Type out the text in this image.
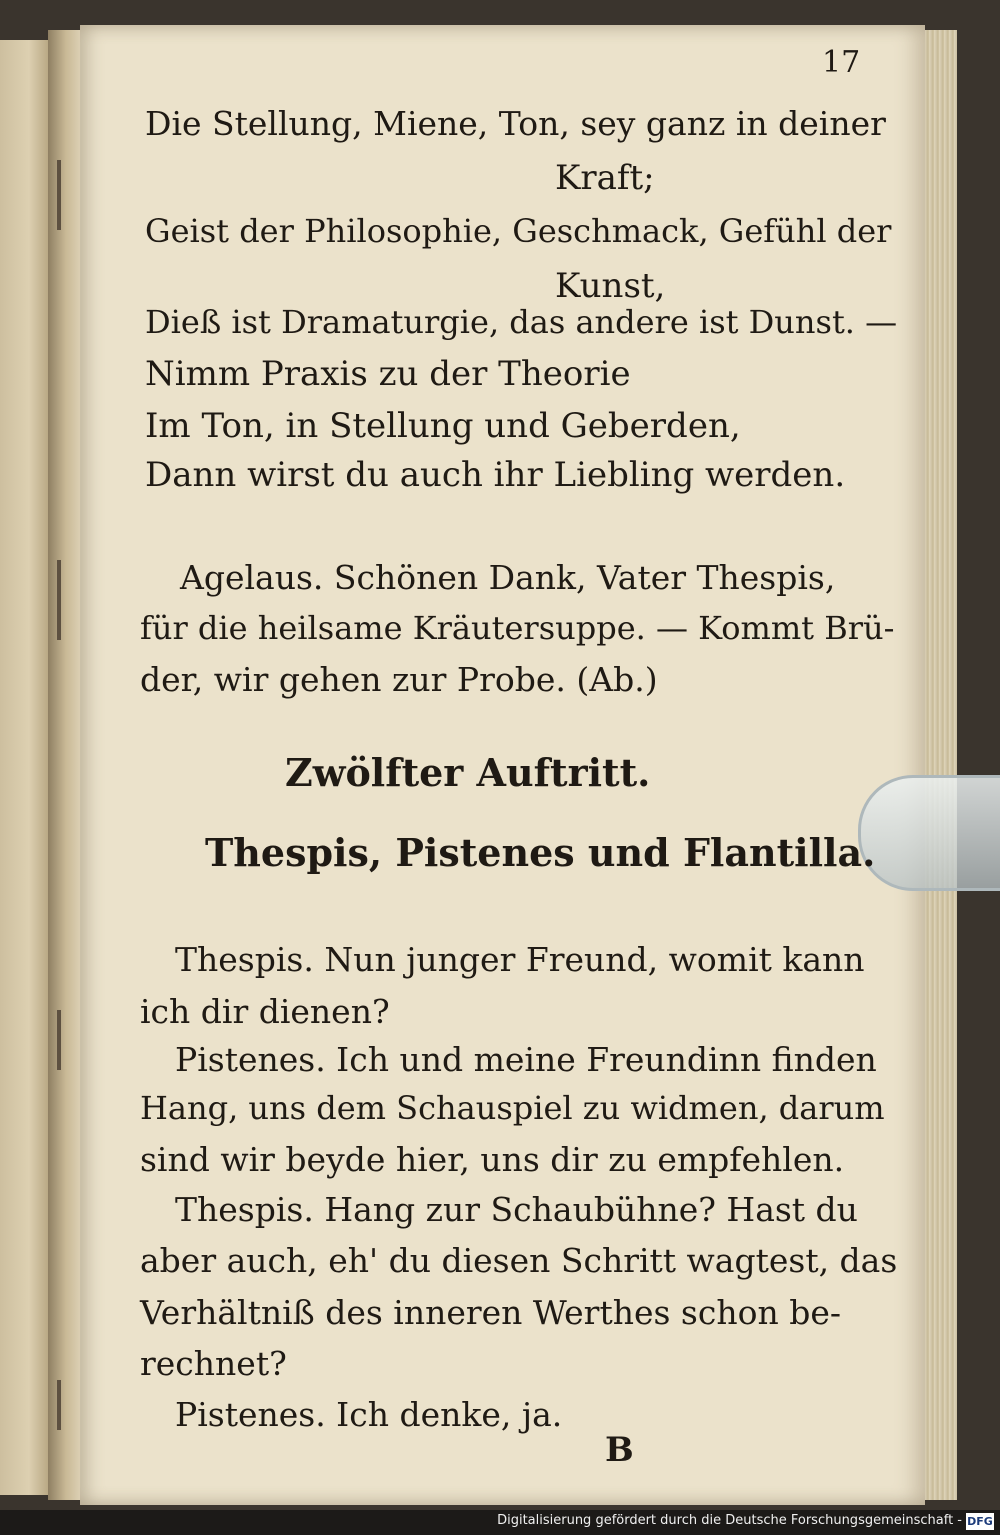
17
Die Stellung, Miene, Ton, sey ganz in deiner
Kraft;
Geist der Philosophie, Geschmack, Gefühl der
Kunst,
Dieß ist Dramaturgie, das andere ist Dunst. —
Nimm Praxis zu der Theorie
Im Ton, in Stellung und Geberden,
Dann wirst du auch ihr Liebling werden.
Agelaus. Schönen Dank, Vater Thespis,
für die heilsame Kräutersuppe. — Kommt Brü-
der, wir gehen zur Probe. (Ab.)
Zwölfter Auftritt.
Thespis, Pistenes und Flantilla.
Thespis. Nun junger Freund, womit kann
ich dir dienen?
Pistenes. Ich und meine Freundinn finden
Hang, uns dem Schauspiel zu widmen, darum
sind wir beyde hier, uns dir zu empfehlen.
Thespis. Hang zur Schaubühne? Hast du
aber auch, eh' du diesen Schritt wagtest, das
Verhältniß des inneren Werthes schon be-
rechnet?
Pistenes. Ich denke, ja.
B
Digitalisierung gefördert durch die Deutsche Forschungsgemeinschaft - DFG
